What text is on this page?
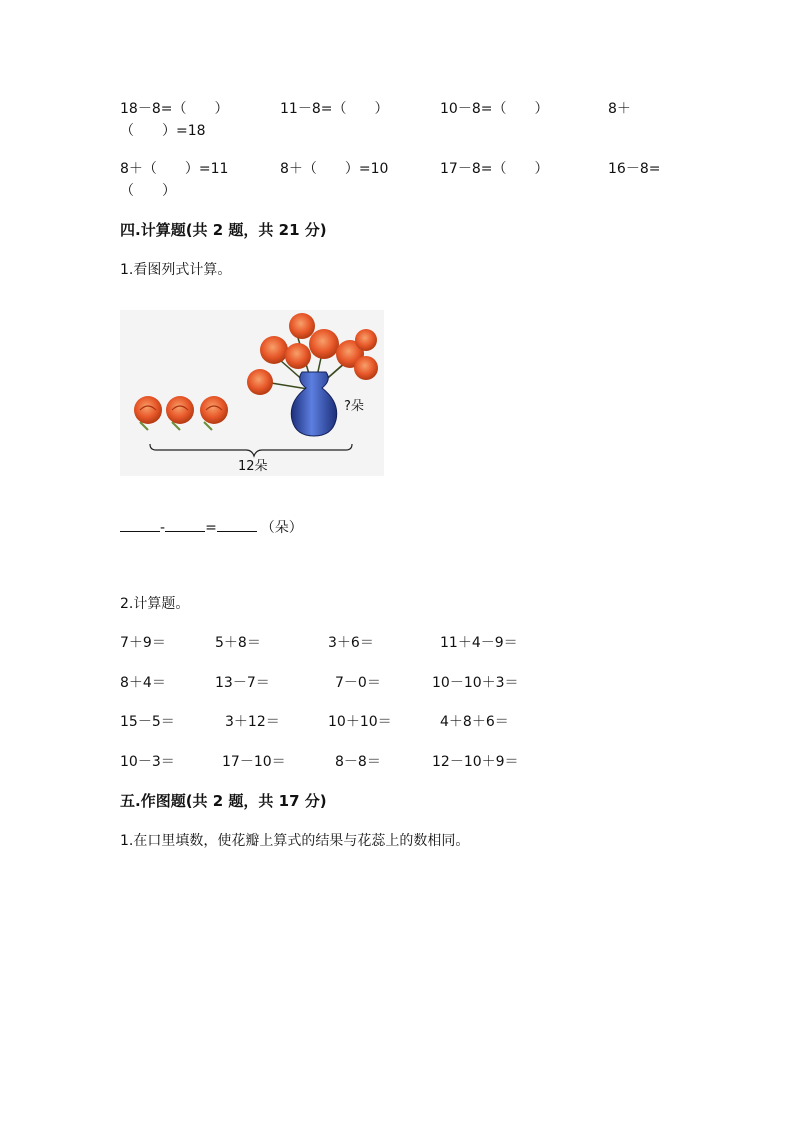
18－8=（　　）	11－8=（　　）	10－8=（　　）	8＋
（　　）=18
8＋（　　）=11	8＋（　　）=10	17－8=（　　）	16－8=
（　　）
四.计算题(共 2 题，共 21 分)
1.看图列式计算。
?朵
12朵
-	=	（朵）
2.计算题。
7＋9＝	5＋8＝	3＋6＝	11＋4－9＝
8＋4＝	13－7＝	7－0＝	10－10＋3＝
15－5＝	3＋12＝	10＋10＝	4＋8＋6＝
10－3＝	17－10＝	8－8＝	12－10＋9＝
五.作图题(共 2 题，共 17 分)
1.在口里填数，使花瓣上算式的结果与花蕊上的数相同。
